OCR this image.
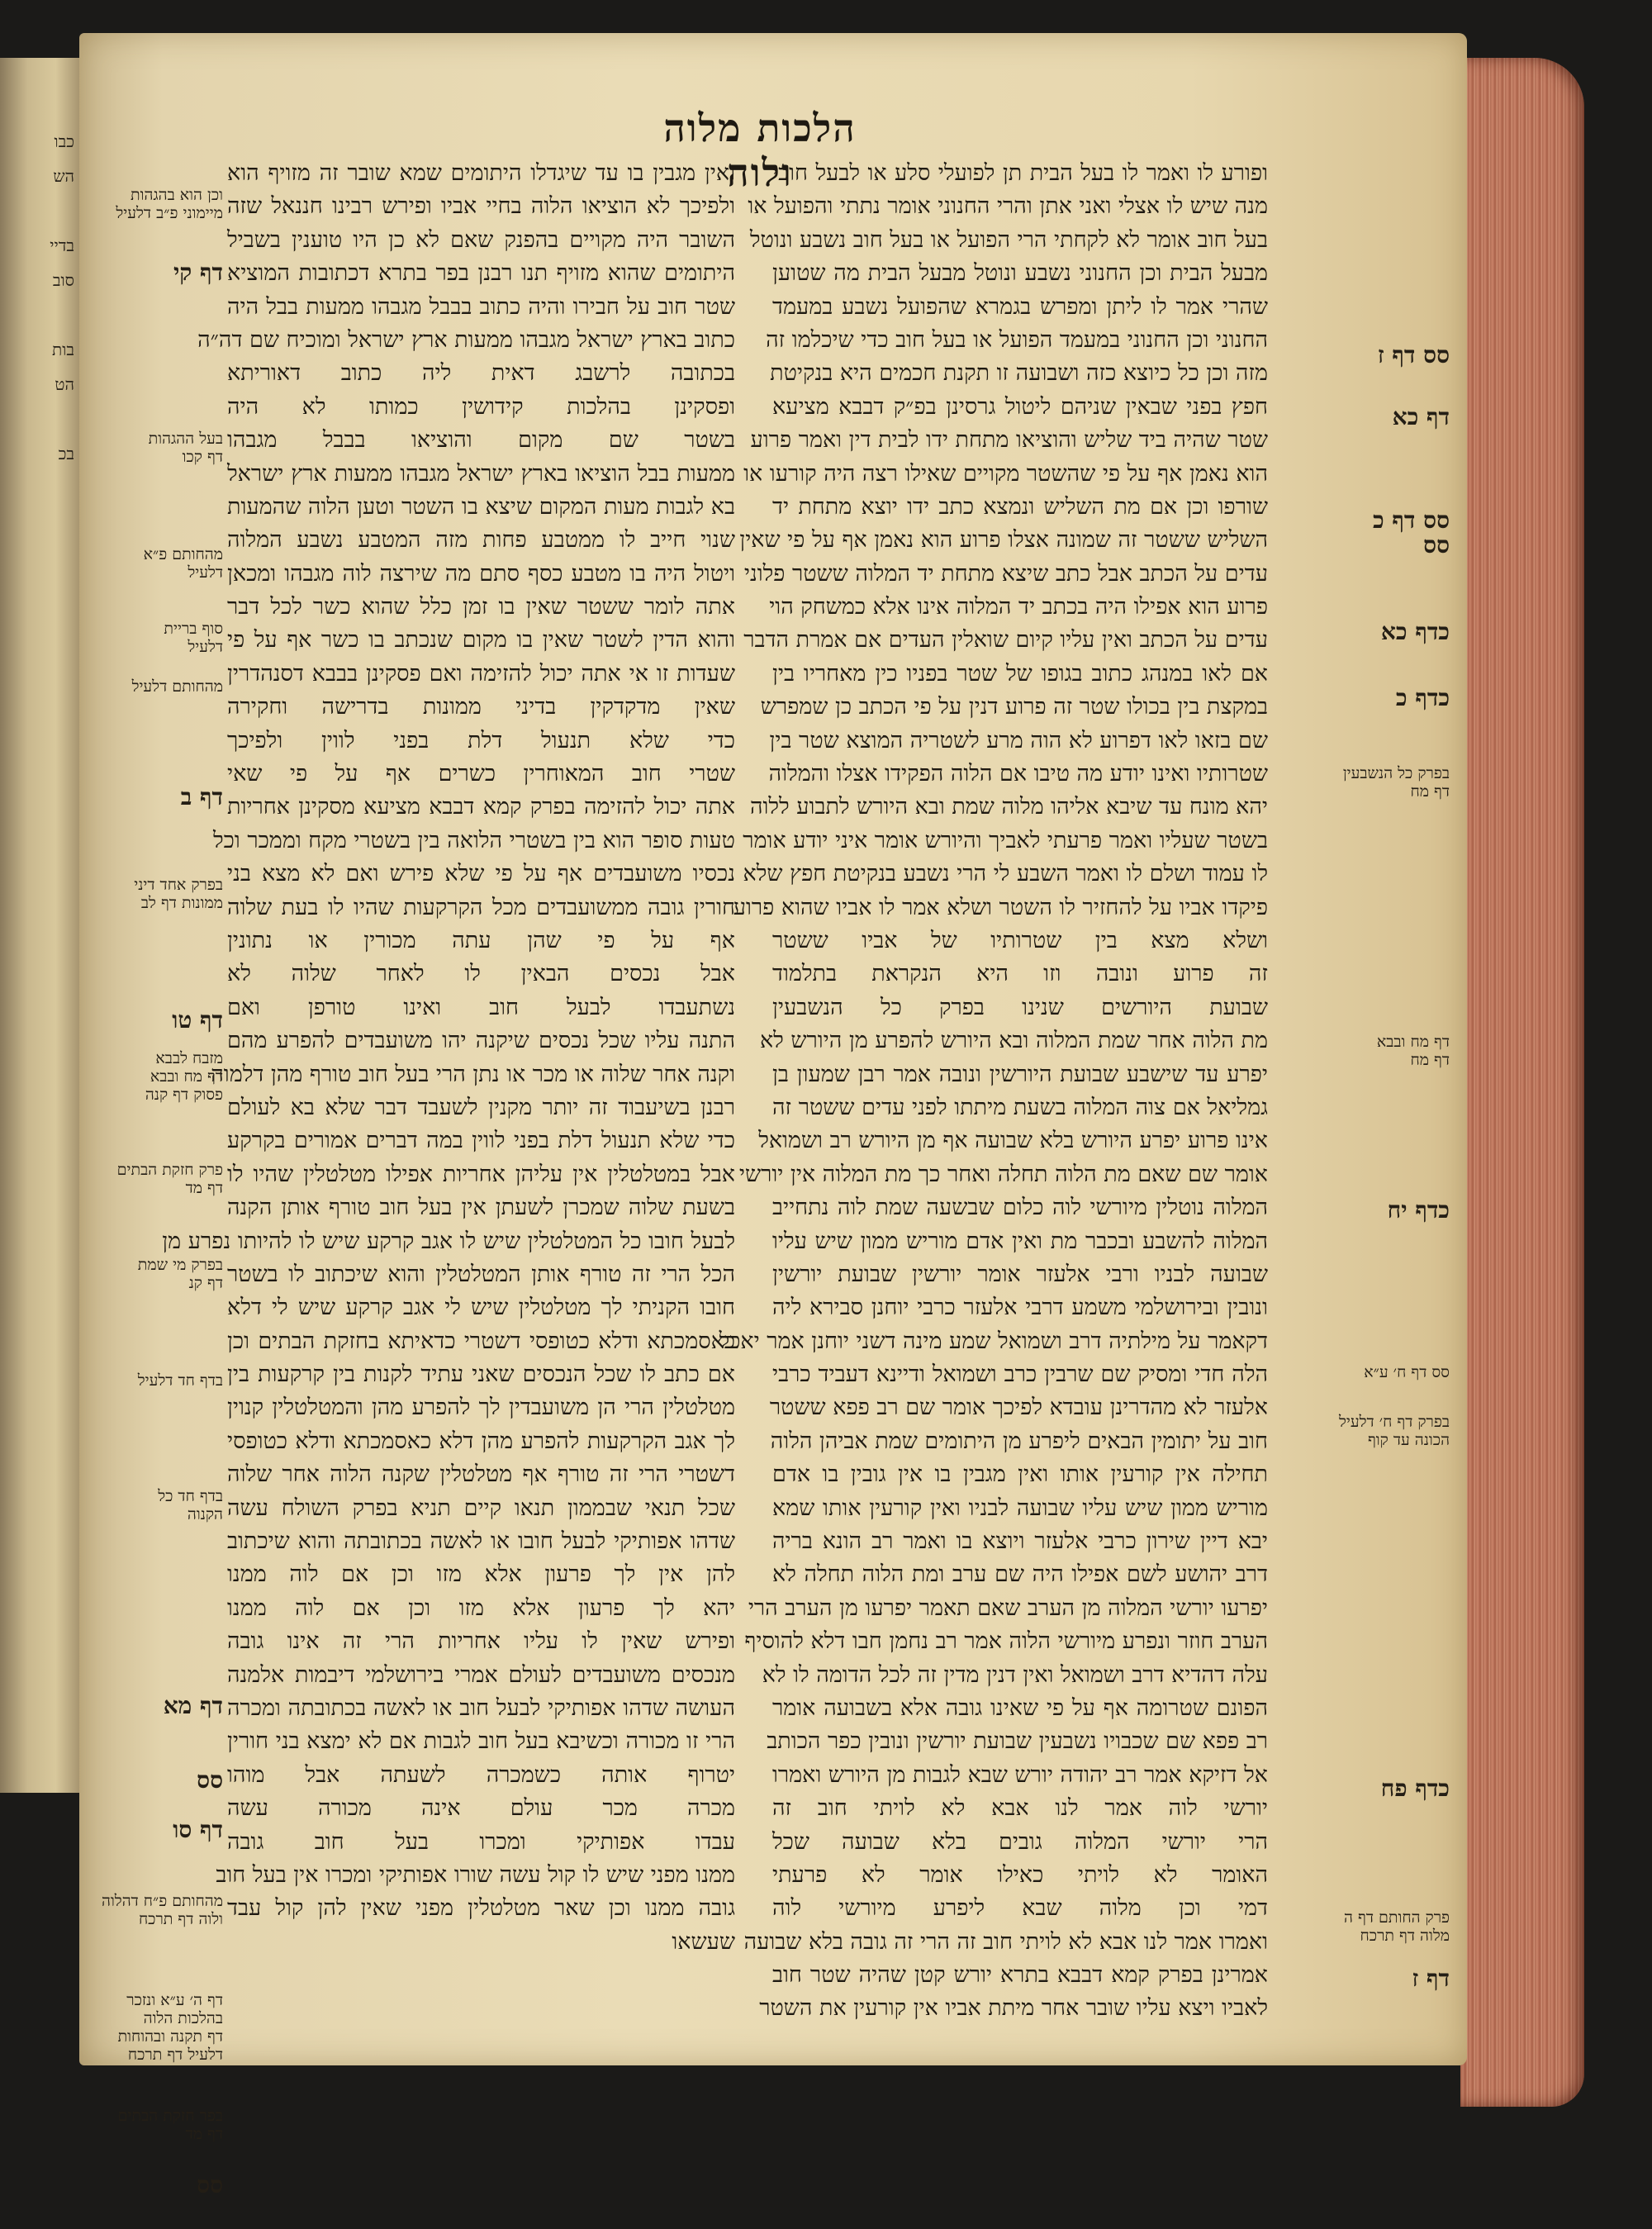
כבו
הש

בדיי
סוב

בות
הט

בכ
הלכות מלוה ולוה
ופורע לו ואמר לו בעל הבית תן לפועלי סלע או לבעל חובי
מנה שיש לו אצלי ואני אתן והרי החנוני אומר נתתי והפועל או
בעל חוב אומר לא לקחתי הרי הפועל או בעל חוב נשבע ונוטל
מבעל הבית וכן החנוני נשבע ונוטל מבעל הבית מה שטוען
שהרי אמר לו ליתן ומפרש בגמרא שהפועל נשבע במעמד
החנוני וכן החנוני במעמד הפועל או בעל חוב כדי שיכלמו זה
מזה וכן כל כיוצא כזה ושבועה זו תקנת חכמים היא בנקיטת
חפץ בפני שבאין שניהם ליטול גרסינן בפ״ק דבבא מציעא
שטר שהיה ביד שליש והוציאו מתחת ידו לבית דין ואמר פרוע
הוא נאמן אף על פי שהשטר מקויים שאילו רצה היה קורעו או
שורפו וכן אם מת השליש ונמצא כתב ידו יוצא מתחת יד
השליש ששטר זה שמונה אצלו פרוע הוא נאמן אף על פי שאין
עדים על הכתב אבל כתב שיצא מתחת יד המלוה ששטר פלוני
פרוע הוא אפילו היה בכתב יד המלוה אינו אלא כמשחק הוי
עדים על הכתב ואין עליו קיום שואלין העדים אם אמרת הדבר
אם לאו במנהג כתוב בגופו של שטר בפניו כין מאחריו בין
במקצת בין בכולו שטר זה פרוע דנין על פי הכתב כן שמפרש
שם בזאו לאו דפרוע לא הוה מרע לשטריה המוצא שטר בין
שטרותיו ואינו יודע מה טיבו אם הלוה הפקידו אצלו והמלוה
יהא מונח עד שיבא אליהו מלוה שמת ובא היורש לתבוע ללוה
בשטר שעליו ואמר פרעתי לאביך והיורש אומר איני יודע אומר
לו עמוד ושלם לו ואמר השבע לי הרי נשבע בנקיטת חפץ שלא
פיקדו אביו על להחזיר לו השטר ושלא אמר לו אביו שהוא פרוע
ושלא מצא בין שטרותיו של אביו ששטר
זה פרוע ונובה וזו היא הנקראת בתלמוד
שבועת היורשים שנינו בפרק כל הנשבעין
מת הלוה אחר שמת המלוה ובא היורש להפרע מן היורש לא
יפרע עד שישבע שבועת היורשין ונובה אמר רבן שמעון בן
גמליאל אם צוה המלוה בשעת מיתתו לפני עדים ששטר זה
אינו פרוע יפרע היורש בלא שבועה אף מן היורש רב ושמואל
אומר שם שאם מת הלוה תחלה ואחר כך מת המלוה אין יורשי
המלוה נוטלין מיורשי לוה כלום שבשעה שמת לוה נתחייב
המלוה להשבע ובכבר מת ואין אדם מוריש ממון שיש עליו
שבועה לבניו ורבי אלעזר אומר יורשין שבועת יורשין
ונובין ובירושלמי משמע דרבי אלעזר כרבי יוחנן סבירא ליה
דקאמר על מילתיה דרב ושמואל שמע מינה דשני יוחנן אמר יאכל
הלה חדי ומסיק שם שרבין כרב ושמואל ודיינא דעביד כרבי
אלעזר לא מהדרינן עובדא לפיכך אומר שם רב פפא ששטר
חוב על יתומין הבאים ליפרע מן היתומים שמת אביהן הלוה
תחילה אין קורעין אותו ואין מגבין בו אין גובין בו אדם
מוריש ממון שיש עליו שבועה לבניו ואין קורעין אותו שמא
יבא דיין שירון כרבי אלעזר ויוצא בו ואמר רב הונא בריה
דרב יהושע לשם אפילו היה שם ערב ומת הלוה תחלה לא
יפרעו יורשי המלוה מן הערב שאם תאמר יפרעו מן הערב הרי
הערב חוזר ונפרע מיורשי הלוה אמר רב נחמן חבו דלא להוסיף
עלה דהדיא דרב ושמואל ואין דנין מדין זה לכל הדומה לו לא
הפונם שטרומה אף על פי שאינו גובה אלא בשבועה אומר
רב פפא שם שכבויו נשבעין שבועת יורשין ונובין כפר הכותב
אל דזיקא אמר רב יהודה יורש שבא לגבות מן היורש ואמרו
יורשי לוה אמר לנו אבא לא לויתי חוב זה
הרי יורשי המלוה גובים בלא שבועה שכל
האומר לא לויתי כאילו אומר לא פרעתי
דמי וכן מלוה שבא ליפרע מיורשי לוה
ואמרו אמר לנו אבא לא לויתי חוב זה הרי זה גובה בלא שבועה
אמרינן בפרק קמא דבבא בתרא יורש קטן שהיה שטר חוב
לאביו ויצא עליו שובר אחר מיתת אביו אין קורעין את השטר
ואין מגבין בו עד שיגדלו היתומים שמא שובר זה מזויף הוא
ולפיכך לא הוציאו הלוה בחיי אביו ופירש רבינו חננאל שזה
השובר היה מקויים בהפנק שאם לא כן היו טוענין בשביל
היתומים שהוא מזויף תנו רבנן בפר בתרא דכתובות המוציא
שטר חוב על חבירו והיה כתוב בבבל מגבהו ממעות בבל היה
כתוב בארץ ישראל מגבהו ממעות ארץ ישראל ומוכיח שם דה״ה
בכתובה לרשבג דאית ליה כתוב דאוריתא
ופסקינן בהלכות קידושין כמותו לא היה
בשטר שם מקום והוציאו בבבל מגבהו
ממעות בבל הוציאו בארץ ישראל מגבהו ממעות ארץ ישראל
בא לגבות מעות המקום שיצא בו השטר וטען הלוה שהמעות
שנוי חייב לו ממטבע פחות מזה המטבע נשבע המלוה
ויטול היה בו מטבע כסף סתם מה שירצה לוה מגבהו ומכאן
אתה לומר ששטר שאין בו זמן כלל שהוא כשר לכל דבר
והוא הדין לשטר שאין בו מקום שנכתב בו כשר אף על פי
שעדות זו אי אתה יכול להזימה ואם פסקינן בבבא דסנהדרין
שאין מדקדקין בדיני ממונות בדרישה וחקירה
כדי שלא תנעול דלת בפני לווין ולפיכך
שטרי חוב המאוחרין כשרים אף על פי שאי
אתה יכול להזימה בפרק קמא דבבא מציעא מסקינן אחריות
טעות סופר הוא בין בשטרי הלואה בין בשטרי מקח וממכר וכל
נכסיו משועבדים אף על פי שלא פירש ואם לא מצא בני
חורין גובה ממשועבדים מכל הקרקעות שהיו לו בעת שלוה
אף על פי שהן עתה מכורין או נתונין
אבל נכסים הבאין לו לאחר שלוה לא
נשתעבדו לבעל חוב ואינו טורפן ואם
התנה עליו שכל נכסים שיקנה יהו משועבדים להפרע מהם
וקנה אחר שלוה או מכר או נתן הרי בעל חוב טורף מהן דלמוה
רבנן בשיעבוד זה יותר מקנין לשעבד דבר שלא בא לעולם
כדי שלא תנעול דלת בפני לווין במה דברים אמורים בקרקע
אבל במטלטלין אין עליהן אחריות אפילו מטלטלין שהיו לו
בשעת שלוה שמכרן לשעתן אין בעל חוב טורף אותן הקנה
לבעל חובו כל המטלטלין שיש לו אגב קרקע שיש לו להיותו נפרע מן
הכל הרי זה טורף אותן המטלטלין והוא שיכתוב לו בשטר
חובו הקניתי לך מטלטלין שיש לי אגב קרקע שיש לי דלא
כאסמכתא ודלא כטופסי דשטרי כדאיתא בחזקת הבתים וכן
אם כתב לו שכל הנכסים שאני עתיד לקנות בין קרקעות בין
מטלטלין הרי הן משועבדין לך להפרע מהן והמטלטלין קנוין
לך אגב הקרקעות להפרע מהן דלא כאסמכתא ודלא כטופסי
דשטרי הרי זה טורף אף מטלטלין שקנה הלוה אחר שלוה
שכל תנאי שבממון תנאו קיים תניא בפרק השולח עשה
שדהו אפותיקי לבעל חובו או לאשה בכתובתה והוא שיכתוב
להן אין לך פרעון אלא מזו וכן אם לוה ממנו
יהא לך פרעון אלא מזו וכן אם לוה ממנו
ופירש שאין לו עליו אחריות הרי זה אינו גובה
מנכסים משועבדים לעולם אמרי בירושלמי דיבמות אלמנה
העושה שדהו אפותיקי לבעל חוב או לאשה בכתובתה ומכרה
הרי זו מכורה וכשיבא בעל חוב לגבות אם לא ימצא בני חורין
יטרוף אותה כשמכרה לשעתה אבל מוהו
מכרה מכר עולם אינה מכורה עשה
עבדו אפותיקי ומכרו בעל חוב גובה
ממנו מפני שיש לו קול עשה שורו אפותיקי ומכרו אין בעל חוב
גובה ממנו וכן שאר מטלטלין מפני שאין להן קול עבד
שעשאו
סס דף ז
דף כא
סס דף כ
סס
כדף כא
כדף כ
בפרק כל הנשבעין
דף מח
דף מח ובבא
דף מח
כדף יח
סס דף ח׳ ע״א
בפרק דף ח׳ דלעיל
הכונה עד קוף
כדף פח
פרק החותם דף ה
מלוה דף תרכח
דף ז
וכן הוא בהגהות
מיימוני פ״ב דלעיל
דף קי
בעל ההגהות
דף קכו
מהחותם פ״א
דלעיל
סוף בריית
דלעיל
מהחותם דלעיל
דף ב
בפרק אחד דיני
ממונות דף לב
דף טו
מזבח לבבא
דף מח ובבא
פסוק דף קנה
פרק חזקת הבתים
דף מד
בפרק מי שמת
דף קנ
בדף חד דלעיל
בדף חד כל
הקנוה
דף מא
סס
דף סו
מהחותם פ״ח דהלוה
ולוה דף תרכח
דף ה׳ ע״א ונזכר
בהלכות הלוה
דף תקנה ובהוחות
דלעיל דף תרכח
בפר חזקת הבתים
דף מד
סס
